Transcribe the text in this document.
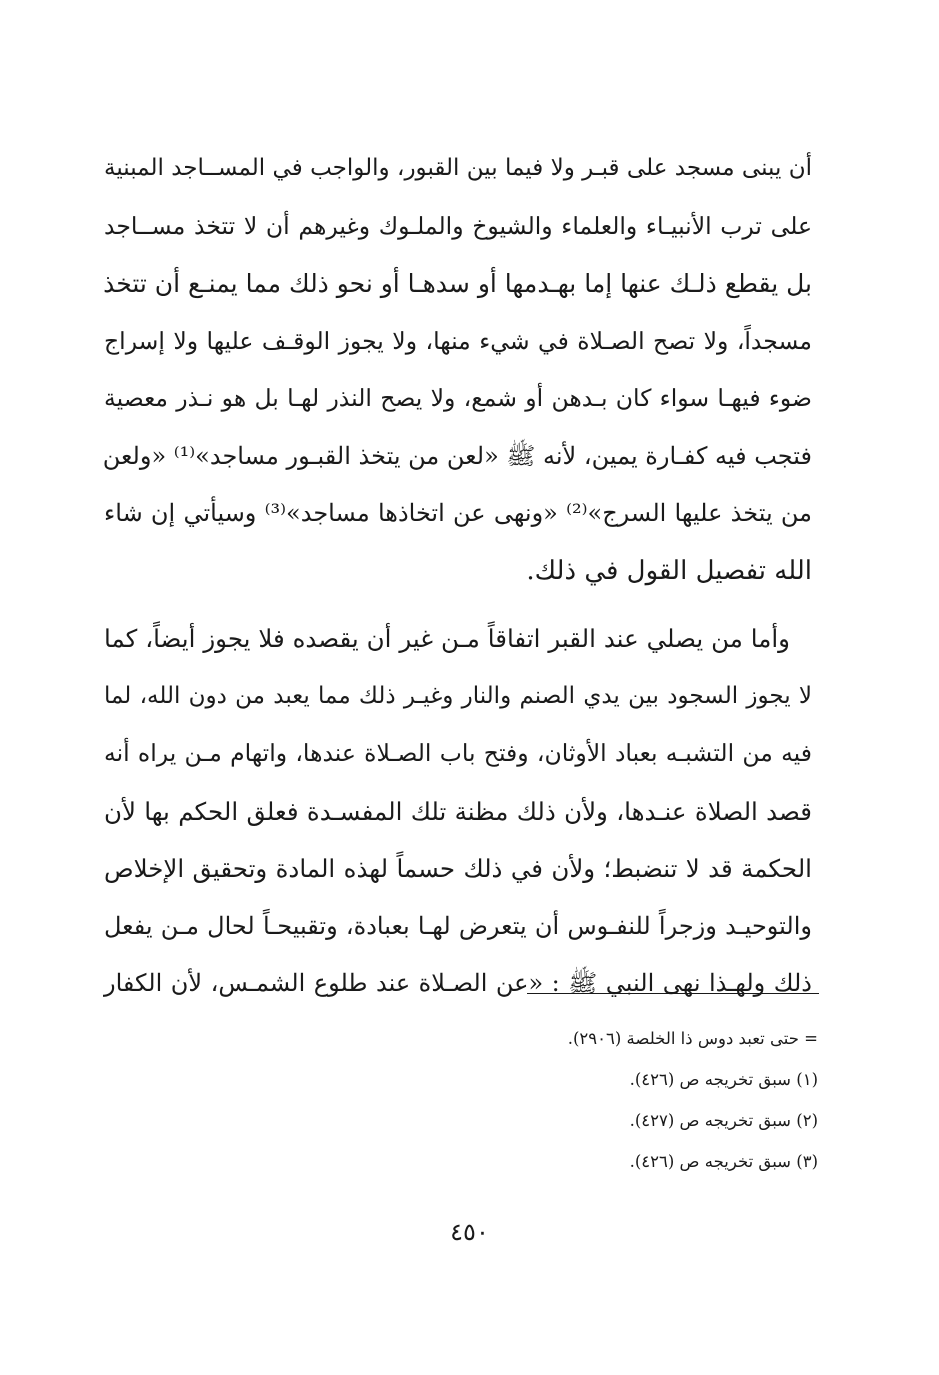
أن يبنى مسجد على قبـر ولا فيما بين القبور، والواجب في المســاجد المبنية
على ترب الأنبيـاء والعلماء والشيوخ والملـوك وغيرهم أن لا تتخذ مســاجد
بل يقطع ذلـك عنها إما بهـدمها أو سدهـا أو نحو ذلك مما يمنـع أن تتخذ
مسجداً، ولا تصح الصـلاة في شيء منها، ولا يجوز الوقـف عليها ولا إسراج
ضوء فيهـا سواء كان بـدهن أو شمع، ولا يصح النذر لهـا بل هو نـذر معصية
فتجب فيه كفـارة يمين، لأنه ﷺ «لعن من يتخذ القبـور مساجد»⁽¹⁾ «ولعن
من يتخذ عليها السرج»⁽²⁾ «ونهى عن اتخاذها مساجد»⁽³⁾ وسيأتي إن شاء
الله تفصيل القول في ذلك.
وأما من يصلي عند القبر اتفاقاً مـن غير أن يقصده فلا يجوز أيضاً، كما
لا يجوز السجود بين يدي الصنم والنار وغيـر ذلك مما يعبد من دون الله، لما
فيه من التشبـه بعباد الأوثان، وفتح باب الصـلاة عندها، واتهام مـن يراه أنه
قصد الصلاة عنـدها، ولأن ذلك مظنة تلك المفسـدة فعلق الحكم بها لأن
الحكمة قد لا تنضبط؛ ولأن في ذلك حسماً لهذه المادة وتحقيق الإخلاص
والتوحيـد وزجراً للنفـوس أن يتعرض لهـا بعبادة، وتقبيحـاً لحال مـن يفعل
ذلك ولهـذا نهى النبي ﷺ : «عن الصـلاة عند طلوع الشمـس، لأن الكفار
= حتى تعبد دوس ذا الخلصة (٢٩٠٦).
(١) سبق تخريجه ص (٤٢٦).
(٢) سبق تخريجه ص (٤٢٧).
(٣) سبق تخريجه ص (٤٢٦).
٤٥٠
